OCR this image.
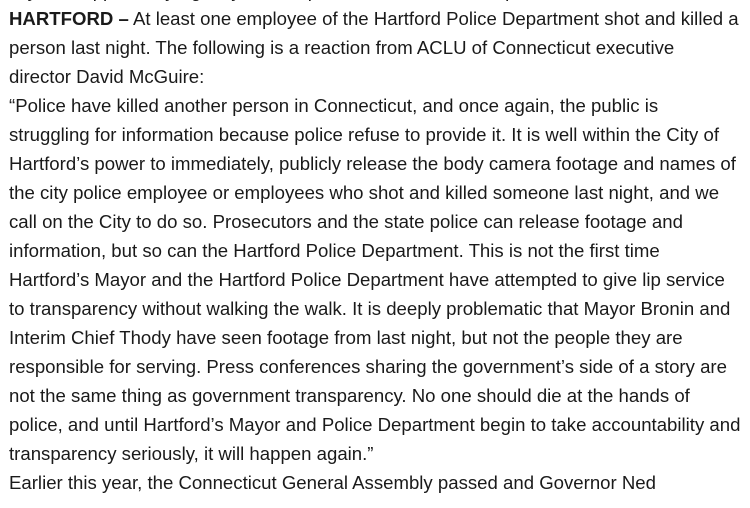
HARTFORD – At least one employee of the Hartford Police Department shot and killed a person last night. The following is a reaction from ACLU of Connecticut executive director David McGuire:

“Police have killed another person in Connecticut, and once again, the public is struggling for information because police refuse to provide it. It is well within the City of Hartford’s power to immediately, publicly release the body camera footage and names of the city police employee or employees who shot and killed someone last night, and we call on the City to do so. Prosecutors and the state police can release footage and information, but so can the Hartford Police Department. This is not the first time Hartford’s Mayor and the Hartford Police Department have attempted to give lip service to transparency without walking the walk. It is deeply problematic that Mayor Bronin and Interim Chief Thody have seen footage from last night, but not the people they are responsible for serving. Press conferences sharing the government’s side of a story are not the same thing as government transparency. No one should die at the hands of police, and until Hartford’s Mayor and Police Department begin to take accountability and transparency seriously, it will happen again.”

Earlier this year, the Connecticut General Assembly passed and Governor Ned
